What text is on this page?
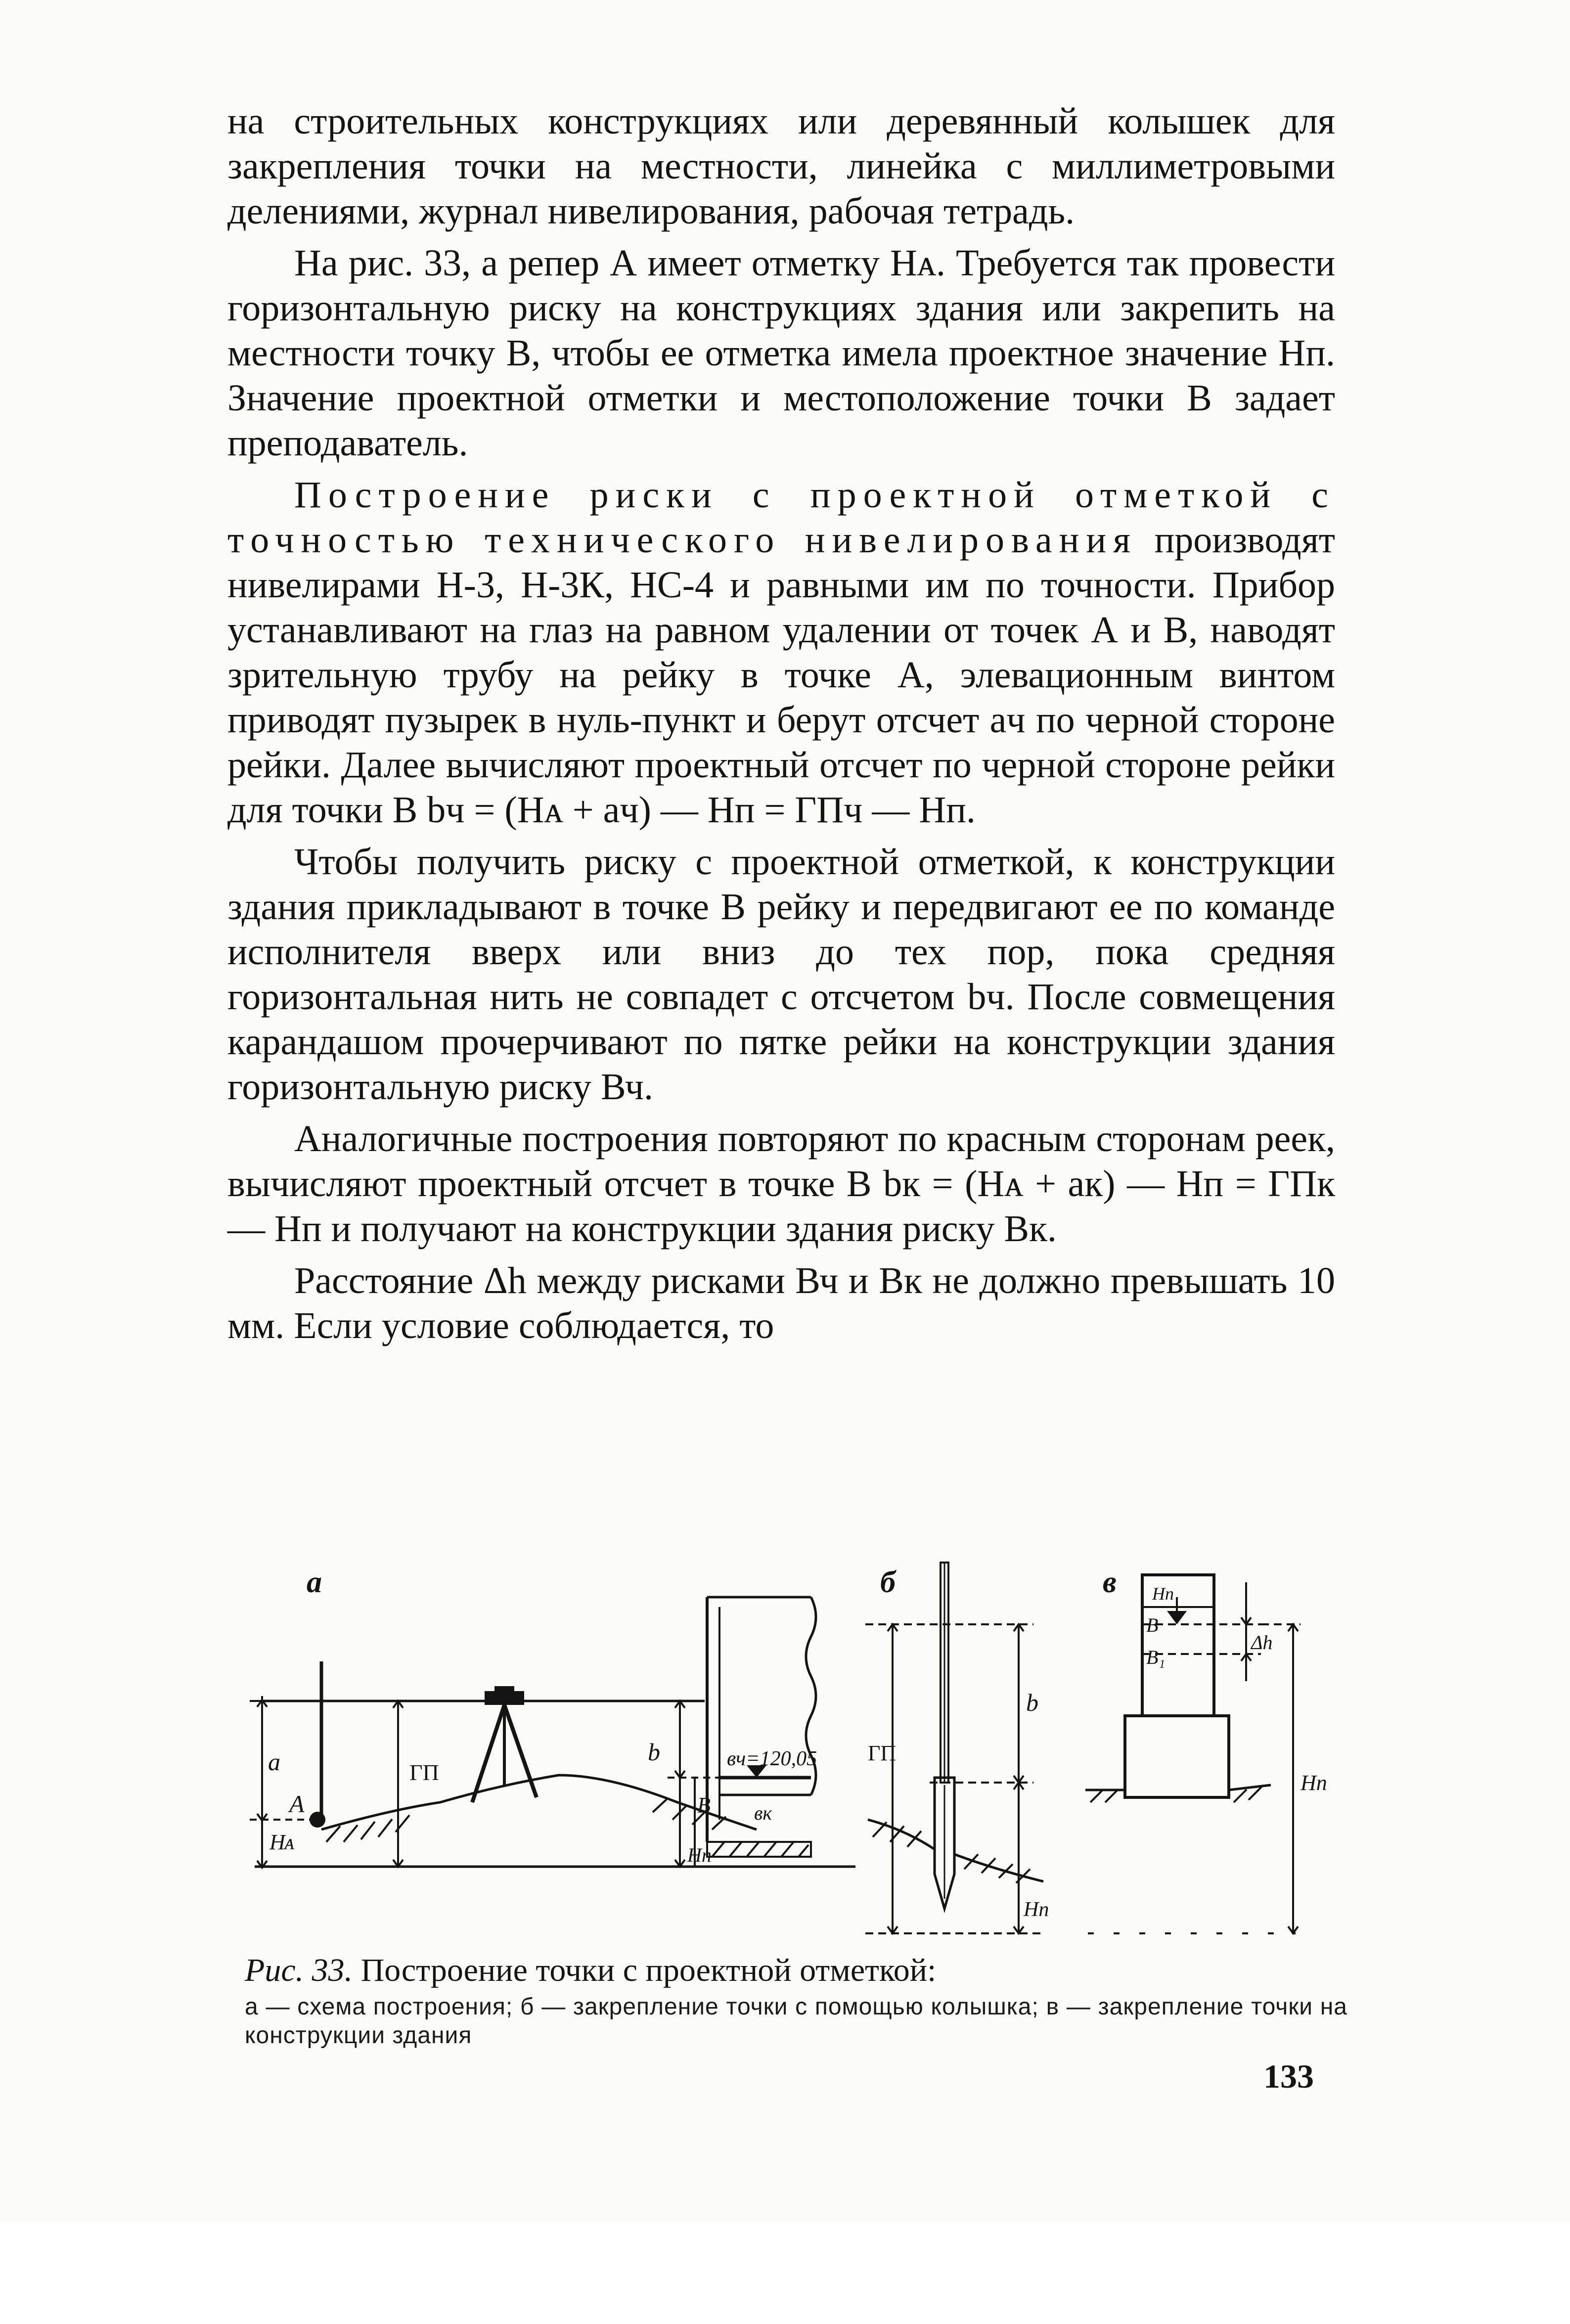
на строительных конструкциях или деревянный колышек для закрепления точки на местности, линейка с миллиметровыми делениями, журнал нивелирования, рабочая тетрадь.

На рис. 33, а репер А имеет отметку Hᴀ. Требуется так провести горизонтальную риску на конструкциях здания или закрепить на местности точку В, чтобы ее отметка имела проектное значение Hп. Значение проектной отметки и местоположение точки В задает преподаватель.

Построение риски с проектной отметкой с точностью технического нивелирования производят нивелирами Н-3, Н-3К, НС-4 и равными им по точности. Прибор устанавливают на глаз на равном удалении от точек А и В, наводят зрительную трубу на рейку в точке А, элевационным винтом приводят пузырек в нуль-пункт и берут отсчет aч по черной стороне рейки. Далее вычисляют проектный отсчет по черной стороне рейки для точки В bч = (Hᴀ + aч) — Hп = ГПч — Hп.

Чтобы получить риску с проектной отметкой, к конструкции здания прикладывают в точке В рейку и передвигают ее по команде исполнителя вверх или вниз до тех пор, пока средняя горизонтальная нить не совпадет с отсчетом bч. После совмещения карандашом прочерчивают по пятке рейки на конструкции здания горизонтальную риску Вч.

Аналогичные построения повторяют по красным сторонам реек, вычисляют проектный отсчет в точке В bк = (Hᴀ + aк) — Hп = ГПк — Hп и получают на конструкции здания риску Вк.

Расстояние Δh между рисками Вч и Вк не должно превышать 10 мм. Если условие соблюдается, то

а	б	в
a
A
Hᴀ
ГП
b
B
Hп
вч=120,05
вк
ГП
b
Hп
Hп
B
B₁
Δh
Hп
Рис. 33. Построение точки с проектной отметкой:
а — схема построения; б — закрепление точки с помощью колышка; в — закрепление точки на конструкции здания
133
